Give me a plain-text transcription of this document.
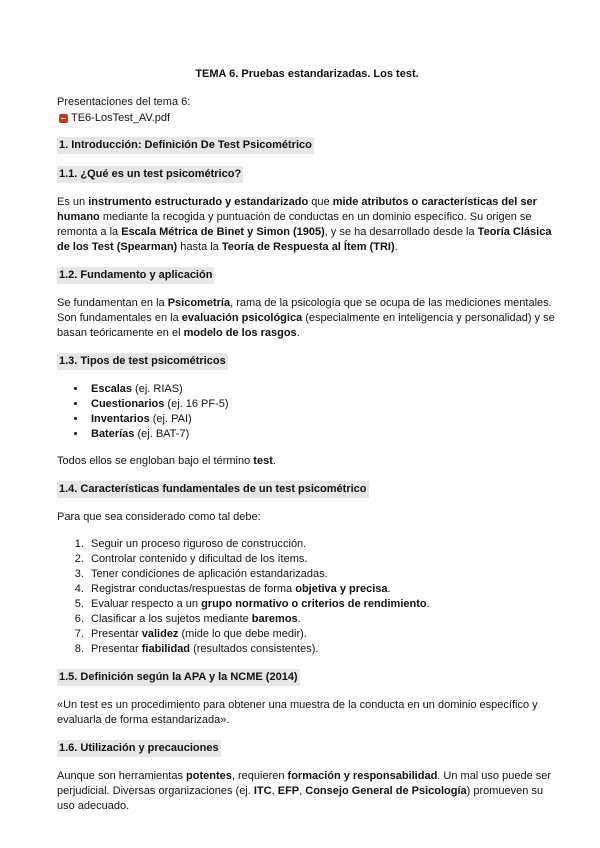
TEMA 6. Pruebas estandarizadas. Los test.
Presentaciones del tema 6:
TE6-LosTest_AV.pdf
1. Introducción: Definición De Test Psicométrico
1.1. ¿Qué es un test psicométrico?

Es un instrumento estructurado y estandarizado que mide atributos o características del ser humano mediante la recogida y puntuación de conductas en un dominio específico. Su origen se remonta a la Escala Métrica de Binet y Simon (1905), y se ha desarrollado desde la Teoría Clásica de los Test (Spearman) hasta la Teoría de Respuesta al Ítem (TRI).

1.2. Fundamento y aplicación

Se fundamentan en la Psicometría, rama de la psicología que se ocupa de las mediciones mentales. Son fundamentales en la evaluación psicológica (especialmente en inteligencia y personalidad) y se basan teóricamente en el modelo de los rasgos.

1.3. Tipos de test psicométricos
• Escalas (ej. RIAS)
• Cuestionarios (ej. 16 PF-5)
• Inventarios (ej. PAI)
• Baterías (ej. BAT-7)

Todos ellos se engloban bajo el término test.

1.4. Características fundamentales de un test psicométrico

Para que sea considerado como tal debe:

1. Seguir un proceso riguroso de construcción.
2. Controlar contenido y dificultad de los ítems.
3. Tener condiciones de aplicación estandarizadas.
4. Registrar conductas/respuestas de forma objetiva y precisa.
5. Evaluar respecto a un grupo normativo o criterios de rendimiento.
6. Clasificar a los sujetos mediante baremos.
7. Presentar validez (mide lo que debe medir).
8. Presentar fiabilidad (resultados consistentes).
1.5. Definición según la APA y la NCME (2014)

«Un test es un procedimiento para obtener una muestra de la conducta en un dominio específico y evaluarla de forma estandarizada».

1.6. Utilización y precauciones

Aunque son herramientas potentes, requieren formación y responsabilidad. Un mal uso puede ser perjudicial. Diversas organizaciones (ej. ITC, EFP, Consejo General de Psicología) promueven su uso adecuado.
